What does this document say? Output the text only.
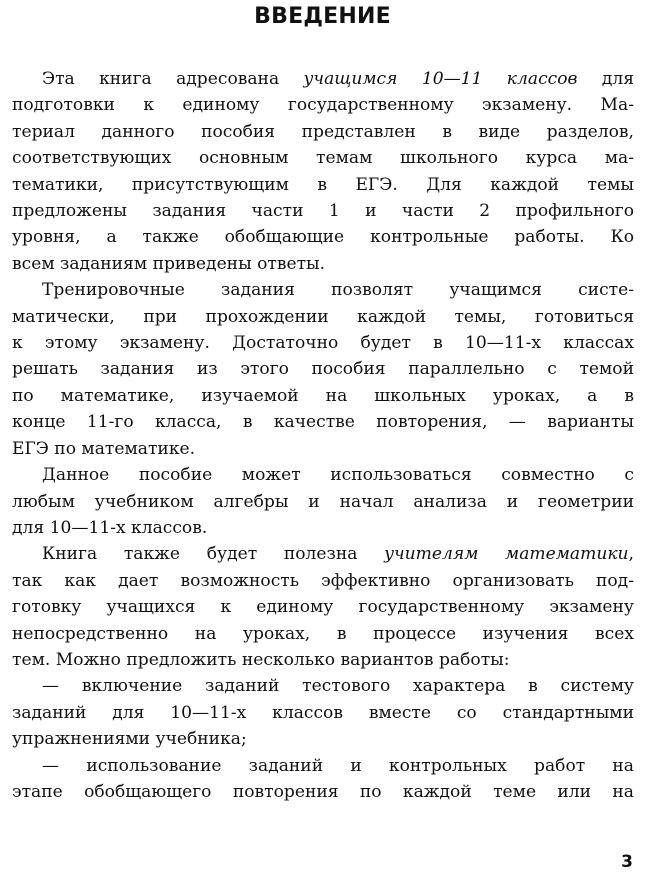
ВВЕДЕНИЕ

Эта книга адресована учащимся 10—11 классов для

подготовки к единому государственному экзамену. Ма-

териал данного пособия представлен в виде разделов,

соответствующих основным темам школьного курса ма-

тематики, присутствующим в ЕГЭ. Для каждой темы

предложены задания части 1 и части 2 профильного

уровня, а также обобщающие контрольные работы. Ко

всем заданиям приведены ответы.

Тренировочные задания позволят учащимся систе-

матически, при прохождении каждой темы, готовиться

к этому экзамену. Достаточно будет в 10—11-х классах

решать задания из этого пособия параллельно с темой

по математике, изучаемой на школьных уроках, а в

конце 11-го класса, в качестве повторения, — варианты

ЕГЭ по математике.

Данное пособие может использоваться совместно с

любым учебником алгебры и начал анализа и геометрии

для 10—11-х классов.

Книга также будет полезна учителям математики,

так как дает возможность эффективно организовать под-

готовку учащихся к единому государственному экзамену

непосредственно на уроках, в процессе изучения всех

тем. Можно предложить несколько вариантов работы:

— включение заданий тестового характера в систему

заданий для 10—11-х классов вместе со стандартными

упражнениями учебника;

— использование заданий и контрольных работ на

этапе обобщающего повторения по каждой теме или на

3
